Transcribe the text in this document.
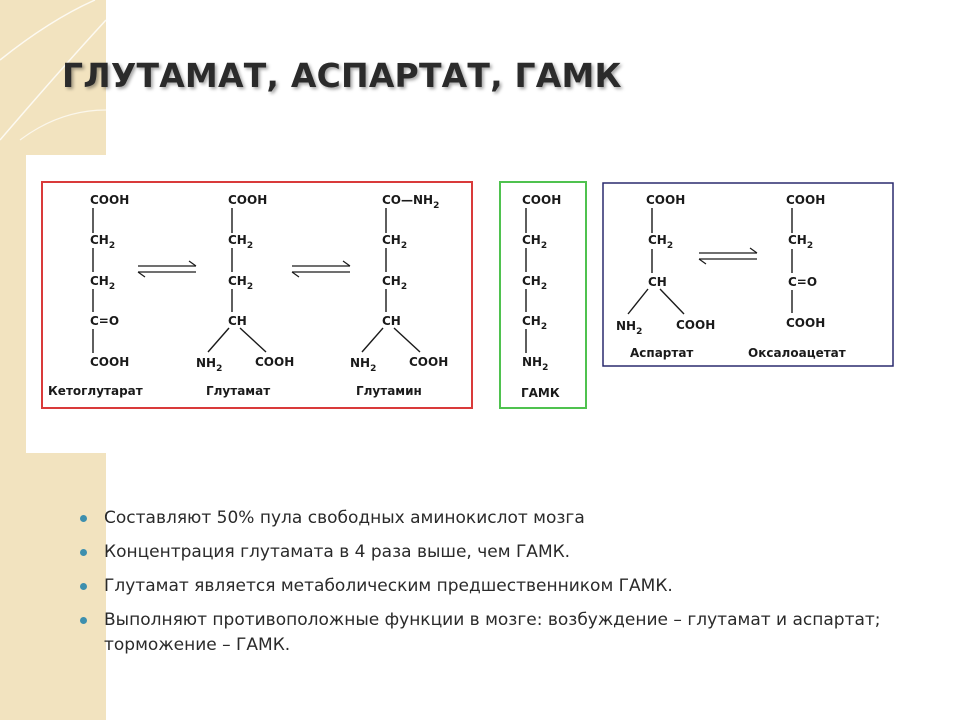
ГЛУТАМАТ, АСПАРТАТ, ГАМК
COOH
$CH_2$
$CH_2$
C=O
COOH
Кетоглутарат
COOH
$CH_2$
$CH_2$
CH
$NH_2$	COOH
Глутамат
$CO—NH_2$
$CH_2$
$CH_2$
CH
$NH_2$	COOH
Глутамин
COOH
$CH_2$
$CH_2$
$CH_2$
$NH_2$
ГАМК
COOH
$CH_2$
CH
$NH_2$	COOH
Аспартат
COOH
$CH_2$
C=O
COOH
Оксалоацетат
Составляют 50% пула свободных аминокислот мозга
Концентрация глутамата в 4 раза выше, чем ГАМК.
Глутамат является метаболическим предшественником ГАМК.
Выполняют противоположные функции в мозге: возбуждение – глутамат и аспартат; торможение – ГАМК.
